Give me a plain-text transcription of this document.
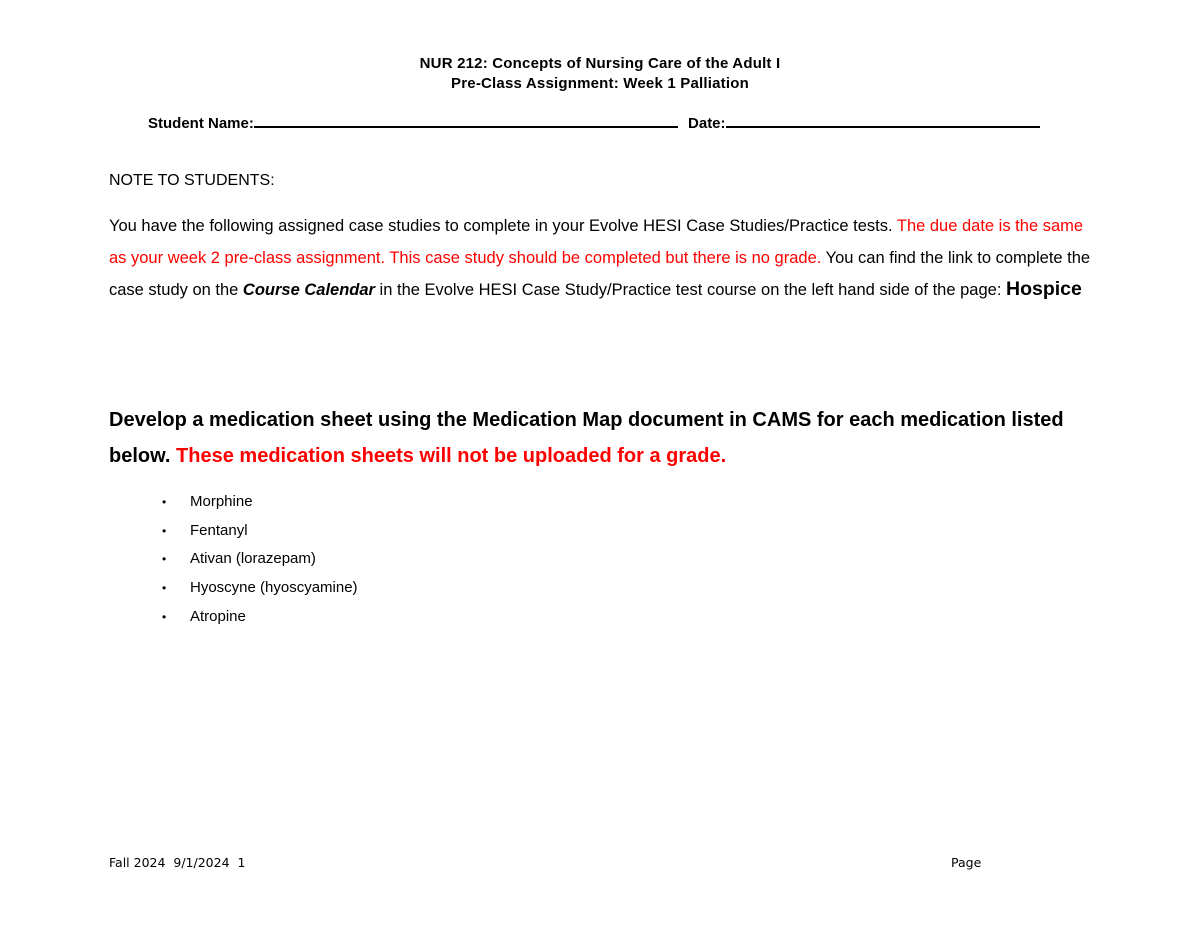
NUR 212: Concepts of Nursing Care of the Adult I
Pre-Class Assignment: Week 1 Palliation
Student Name:	Date:
NOTE TO STUDENTS:
You have the following assigned case studies to complete in your Evolve HESI Case Studies/Practice tests. The due date is the same as your week 2 pre-class assignment. This case study should be completed but there is no grade. You can find the link to complete the case study on the Course Calendar in the Evolve HESI Case Study/Practice test course on the left hand side of the page: Hospice
Develop a medication sheet using the Medication Map document in CAMS for each medication listed below. These medication sheets will not be uploaded for a grade.
• Morphine
• Fentanyl
• Ativan (lorazepam)
• Hyoscyne (hyoscyamine)
• Atropine
Fall 2024  9/1/2024  1	Page
